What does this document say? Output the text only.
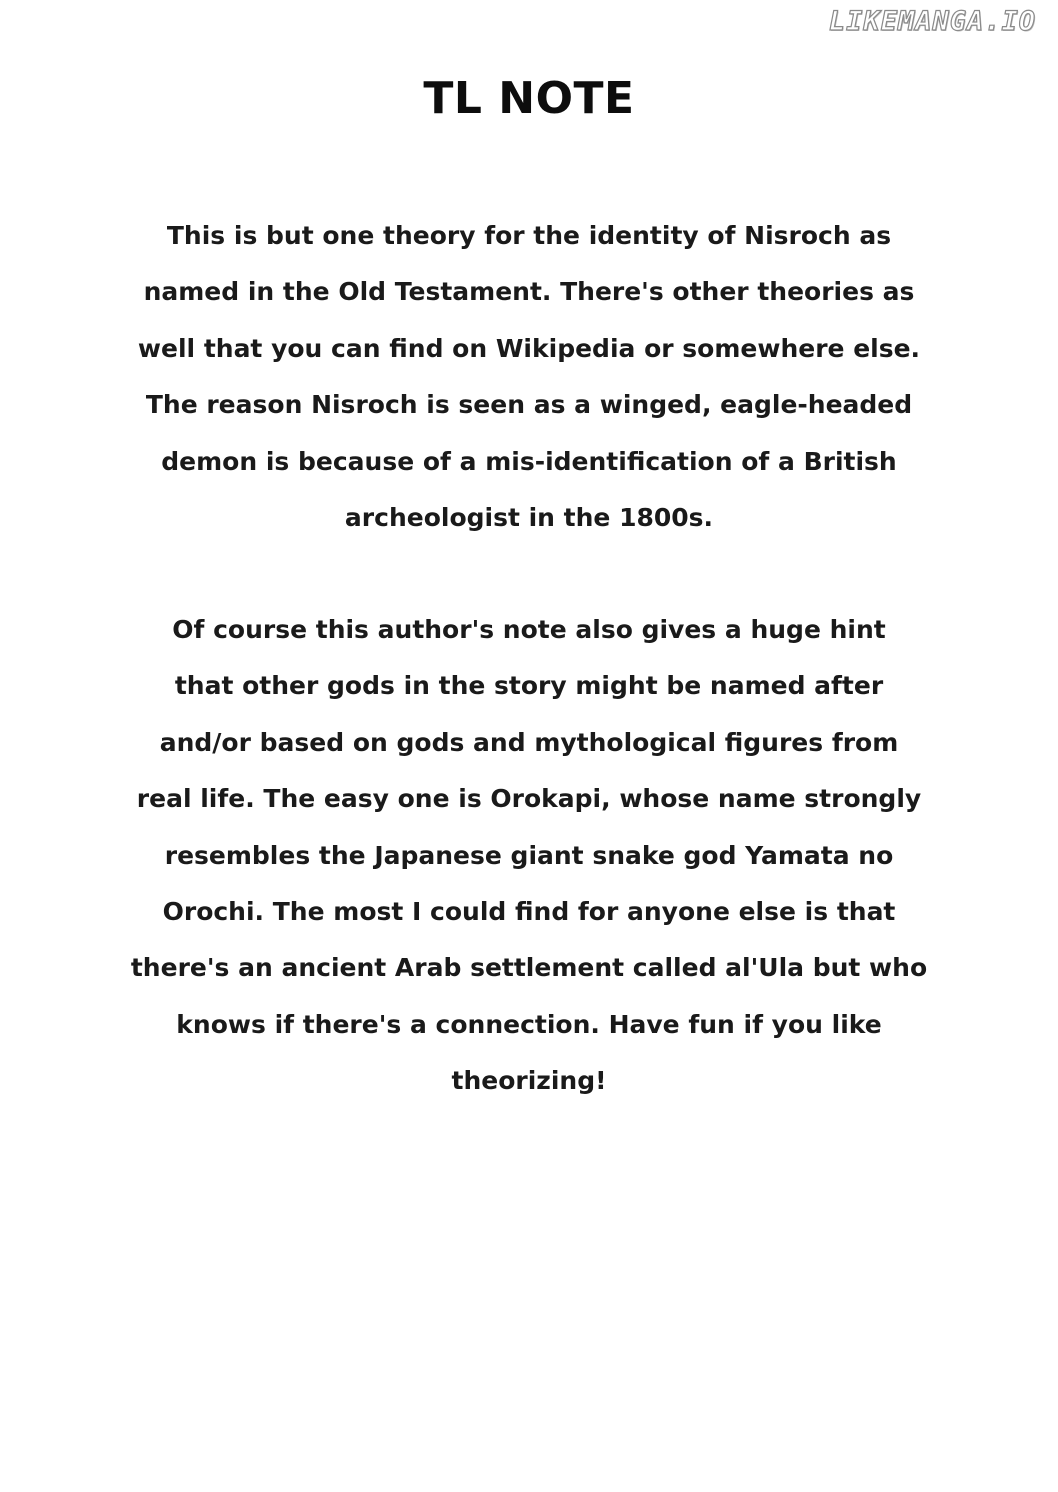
LIKEMANGA.IO
TL NOTE

This is but one theory for the identity of Nisroch as
named in the Old Testament. There's other theories as
well that you can find on Wikipedia or somewhere else.
The reason Nisroch is seen as a winged, eagle-headed
demon is because of a mis-identification of a British
archeologist in the 1800s.

Of course this author's note also gives a huge hint
that other gods in the story might be named after
and/or based on gods and mythological figures from
real life. The easy one is Orokapi, whose name strongly
resembles the Japanese giant snake god Yamata no
Orochi. The most I could find for anyone else is that
there's an ancient Arab settlement called al'Ula but who
knows if there's a connection. Have fun if you like
theorizing!
